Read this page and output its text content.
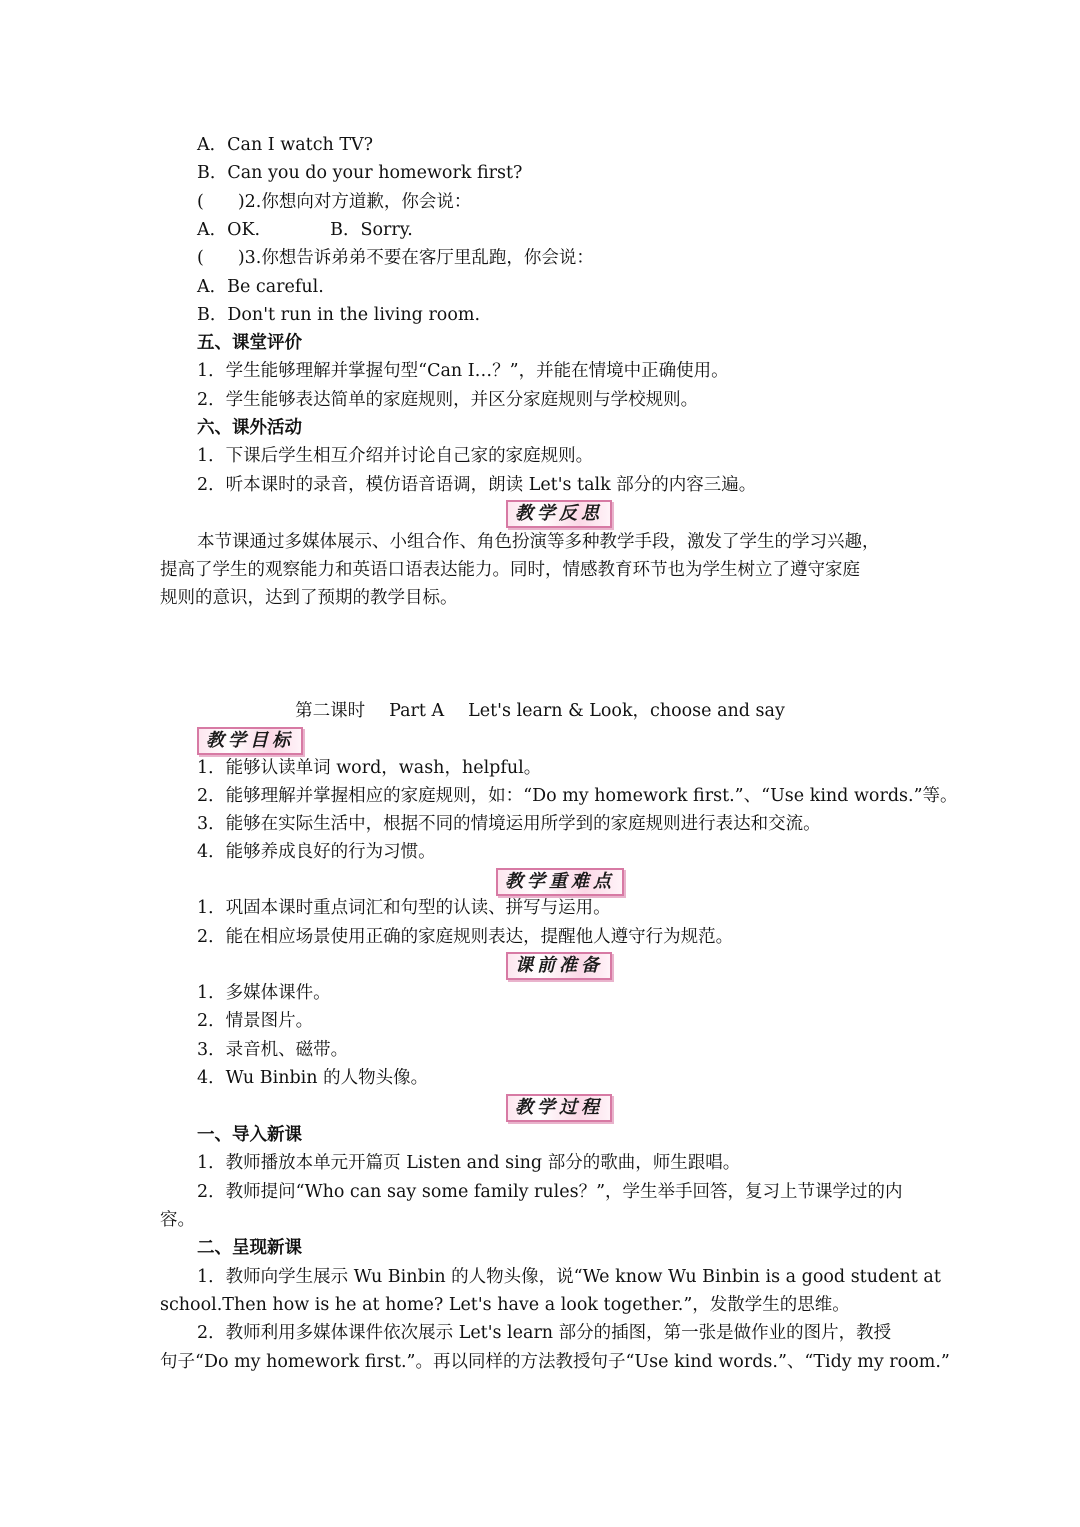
A．Can I watch TV?
B．Can you do your homework first?
( )2.你想向对方道歉，你会说：
A．OK.	B．Sorry.
( )3.你想告诉弟弟不要在客厅里乱跑，你会说：
A．Be careful.
B．Don't run in the living room.
五、课堂评价
1．学生能够理解并掌握句型“Can I…？”，并能在情境中正确使用。
2．学生能够表达简单的家庭规则，并区分家庭规则与学校规则。
六、课外活动
1．下课后学生相互介绍并讨论自己家的家庭规则。
2．听本课时的录音，模仿语音语调，朗读 Let's talk 部分的内容三遍。
教学反思
本节课通过多媒体展示、小组合作、角色扮演等多种教学手段，激发了学生的学习兴趣，
提高了学生的观察能力和英语口语表达能力。同时，情感教育环节也为学生树立了遵守家庭
规则的意识，达到了预期的教学目标。
第二课时 Part A Let's learn & Look，choose and say
教学目标
1．能够认读单词 word，wash，helpful。
2．能够理解并掌握相应的家庭规则，如：“Do my homework first.”、“Use kind words.”等。
3．能够在实际生活中，根据不同的情境运用所学到的家庭规则进行表达和交流。
4．能够养成良好的行为习惯。
教学重难点
1．巩固本课时重点词汇和句型的认读、拼写与运用。
2．能在相应场景使用正确的家庭规则表达，提醒他人遵守行为规范。
课前准备
1．多媒体课件。
2．情景图片。
3．录音机、磁带。
4．Wu Binbin 的人物头像。
教学过程
一、导入新课
1．教师播放本单元开篇页 Listen and sing 部分的歌曲，师生跟唱。
2．教师提问“Who can say some family rules？”，学生举手回答，复习上节课学过的内
容。
二、呈现新课
1．教师向学生展示 Wu Binbin 的人物头像，说“We know Wu Binbin is a good student at
school.Then how is he at home? Let's have a look together.”，发散学生的思维。
2．教师利用多媒体课件依次展示 Let's learn 部分的插图，第一张是做作业的图片，教授
句子“Do my homework first.”。再以同样的方法教授句子“Use kind words.”、“Tidy my room.”
